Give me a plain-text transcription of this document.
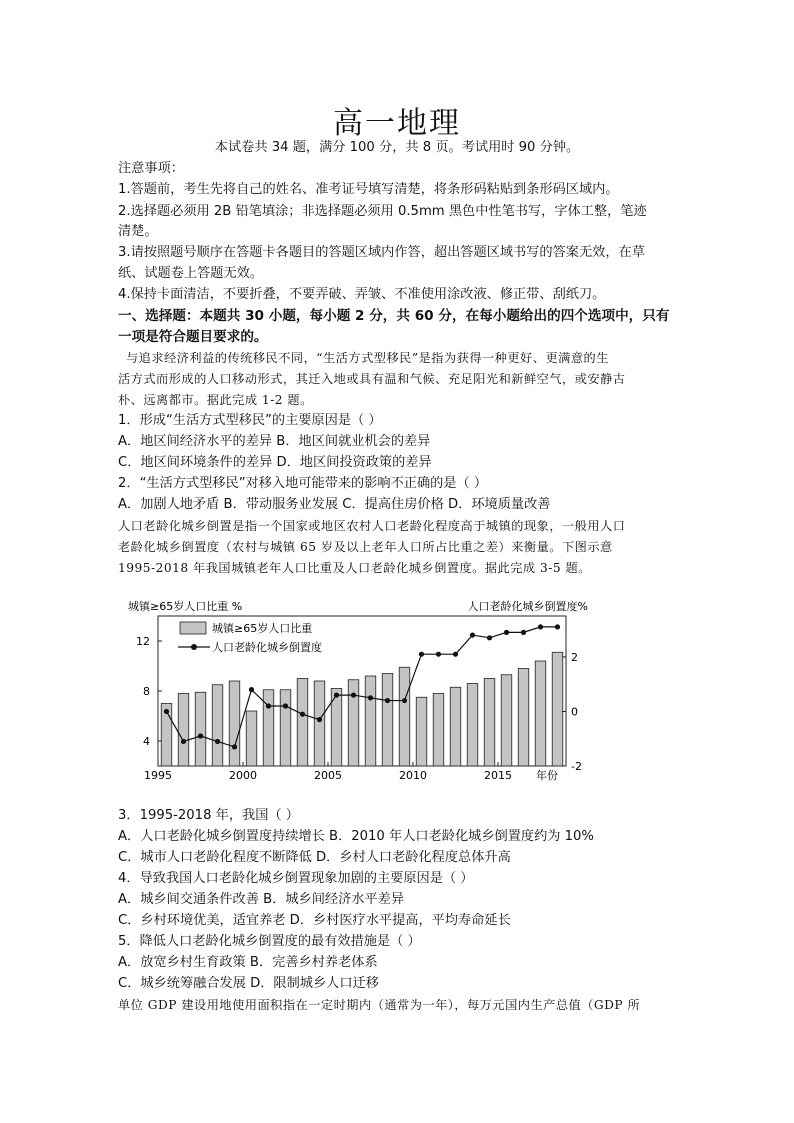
高一地理
本试卷共 34 题，满分 100 分，共 8 页。考试用时 90 分钟。
注意事项：
1.答题前，考生先将自己的姓名、准考证号填写清楚，将条形码粘贴到条形码区域内。
2.选择题必须用 2B 铅笔填涂；非选择题必须用 0.5mm 黑色中性笔书写，字体工整，笔迹
清楚。
3.请按照题号顺序在答题卡各题目的答题区域内作答，超出答题区域书写的答案无效，在草
纸、试题卷上答题无效。
4.保持卡面清洁，不要折叠，不要弄破、弄皱、不准使用涂改液、修正带、刮纸刀。
一、选择题：本题共 30 小题，每小题 2 分，共 60 分，在每小题给出的四个选项中，只有
一项是符合题目要求的。
与追求经济利益的传统移民不同，“生活方式型移民”是指为获得一种更好、更满意的生
活方式而形成的人口移动形式，其迁入地或具有温和气候、充足阳光和新鲜空气，或安静古
朴、远离都市。据此完成 1-2 题。
1．形成“生活方式型移民”的主要原因是（ ）
A．地区间经济水平的差异 B．地区间就业机会的差异
C．地区间环境条件的差异 D．地区间投资政策的差异
2．“生活方式型移民”对移入地可能带来的影响不正确的是（ ）
A．加剧人地矛盾 B．带动服务业发展 C．提高住房价格 D．环境质量改善
人口老龄化城乡倒置是指一个国家或地区农村人口老龄化程度高于城镇的现象，一般用人口
老龄化城乡倒置度（农村与城镇 65 岁及以上老年人口所占比重之差）来衡量。下图示意
1995-2018 年我国城镇老年人口比重及人口老龄化城乡倒置度。据此完成 3-5 题。
城镇≥65岁人口比重 %	人口老龄化城乡倒置度%
4
8
12
-2
0
2
1995	2000	2005	2010	2015 年份
城镇≥65岁人口比重
人口老龄化城乡倒置度
3．1995-2018 年，我国（ ）
A．人口老龄化城乡倒置度持续增长 B．2010 年人口老龄化城乡倒置度约为 10%
C．城市人口老龄化程度不断降低 D．乡村人口老龄化程度总体升高
4．导致我国人口老龄化城乡倒置现象加剧的主要原因是（ ）
A．城乡间交通条件改善 B．城乡间经济水平差异
C．乡村环境优美，适宜养老 D．乡村医疗水平提高，平均寿命延长
5．降低人口老龄化城乡倒置度的最有效措施是（ ）
A．放宽乡村生育政策 B．完善乡村养老体系
C．城乡统筹融合发展 D．限制城乡人口迁移
单位 GDP 建设用地使用面积指在一定时期内（通常为一年），每万元国内生产总值（GDP 所
